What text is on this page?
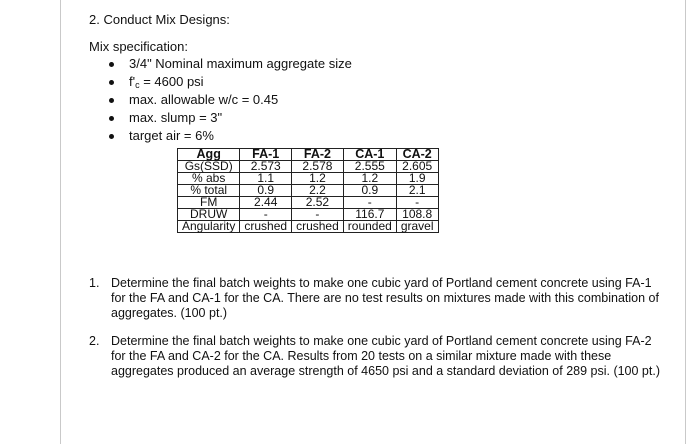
2. Conduct Mix Designs:
Mix specification:
3/4" Nominal maximum aggregate size
$f'_c = 4600$ psi
max. allowable w/c = 0.45
max. slump = 3"
target air = 6%
Agg	FA-1	FA-2	CA-1	CA-2
Gs(SSD)	2.573	2.578	2.555	2.605
% abs	1.1	1.2	1.2	1.9
% total	0.9	2.2	0.9	2.1
FM	2.44	2.52	-	-
DRUW	-	-	116.7	108.8
Angularity	crushed	crushed	rounded	gravel
1. Determine the final batch weights to make one cubic yard of Portland cement concrete using FA-1 for the FA and CA-1 for the CA. There are no test results on mixtures made with this combination of aggregates. (100 pt.)
2. Determine the final batch weights to make one cubic yard of Portland cement concrete using FA-2 for the FA and CA-2 for the CA. Results from 20 tests on a similar mixture made with these aggregates produced an average strength of 4650 psi and a standard deviation of 289 psi. (100 pt.)
